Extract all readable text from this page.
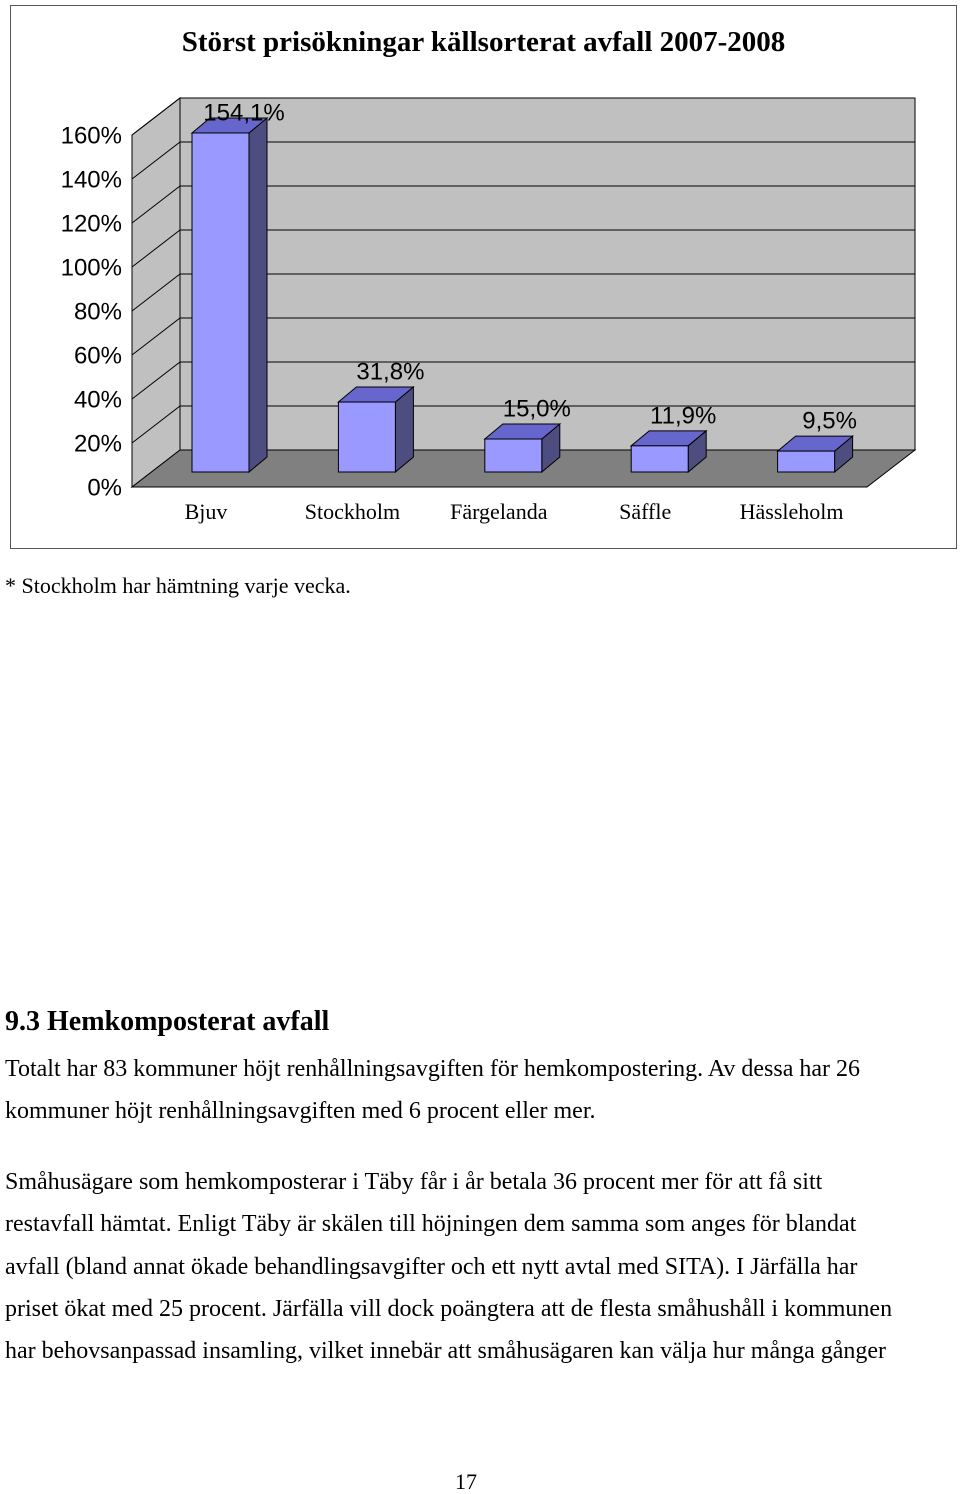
0%
20%
40%
60%
80%
100%
120%
140%
160%
154,1%
Bjuv
31,8%
Stockholm
15,0%
Färgelanda
11,9%
Säffle
9,5%
Hässleholm
Störst prisökningar källsorterat avfall 2007-2008
* Stockholm har hämtning varje vecka.
9.3 Hemkomposterat avfall
Totalt har 83 kommuner höjt renhållningsavgiften för hemkompostering. Av dessa har 26
kommuner höjt renhållningsavgiften med 6 procent eller mer.
Småhusägare som hemkomposterar i Täby får i år betala 36 procent mer för att få sitt
restavfall hämtat. Enligt Täby är skälen till höjningen dem samma som anges för blandat
avfall (bland annat ökade behandlingsavgifter och ett nytt avtal med SITA). I Järfälla har
priset ökat med 25 procent. Järfälla vill dock poängtera att de flesta småhushåll i kommunen
har behovsanpassad insamling, vilket innebär att småhusägaren kan välja hur många gånger
17
